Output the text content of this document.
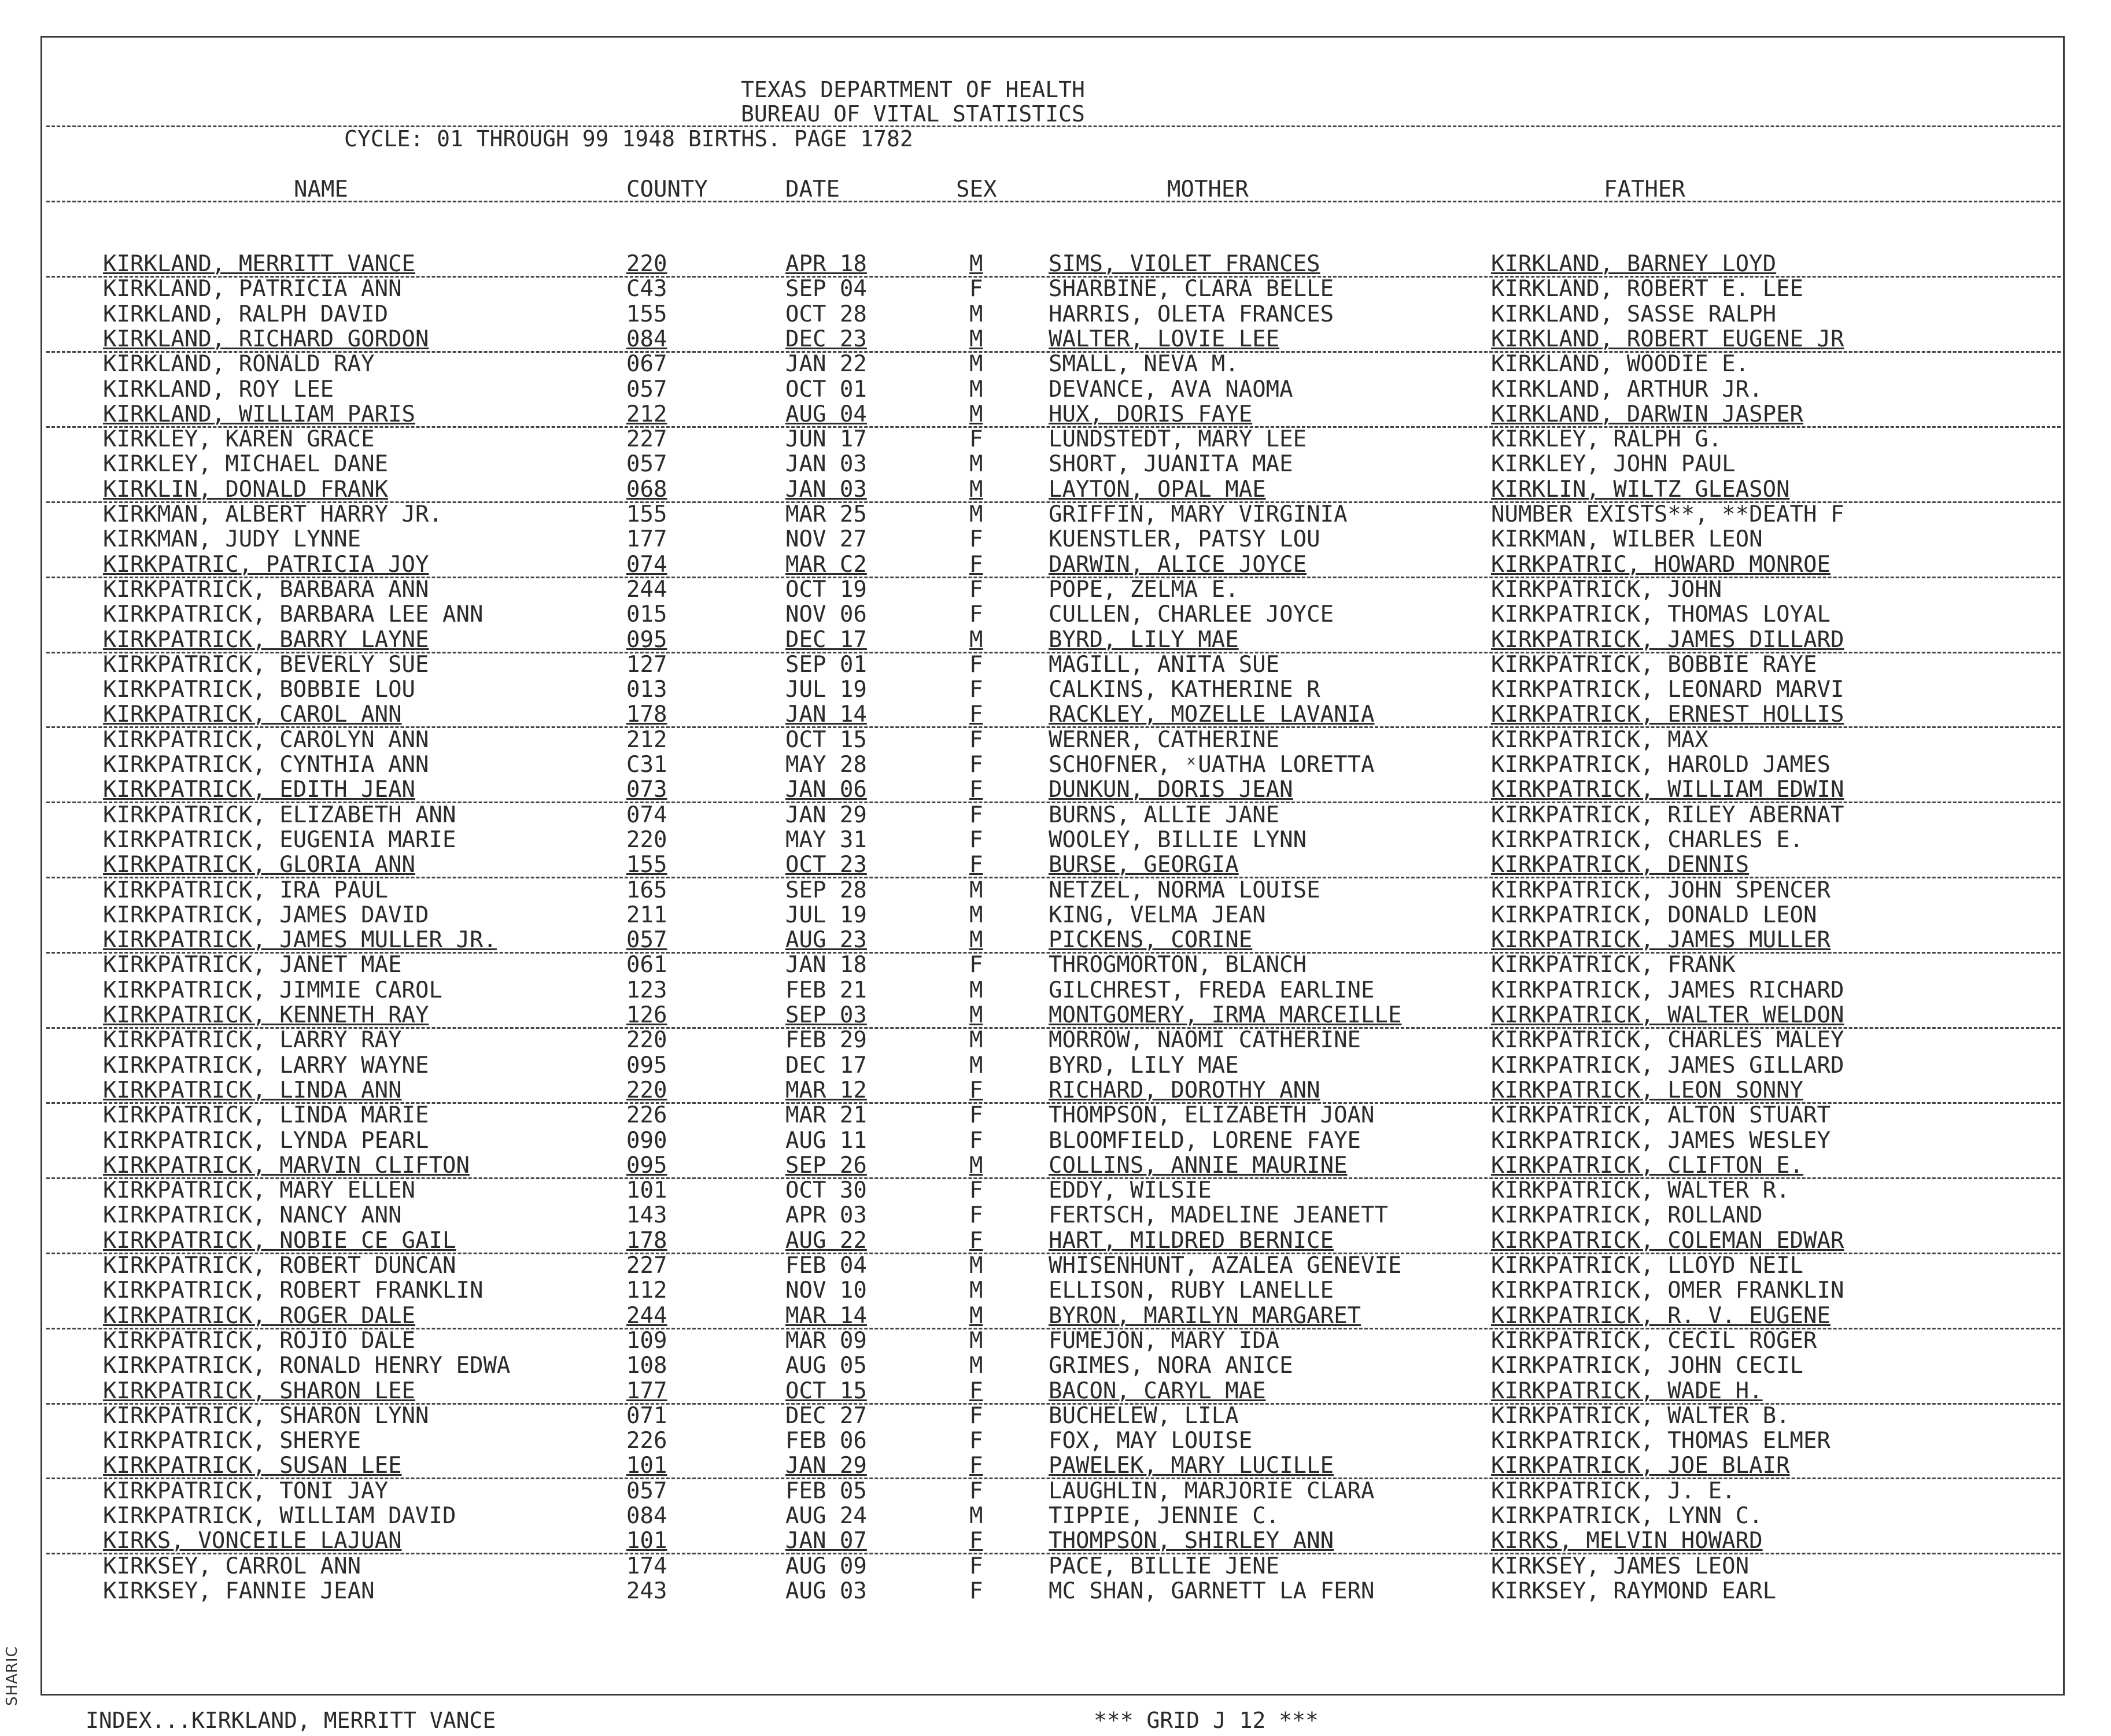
SHARIC
TEXAS DEPARTMENT OF HEALTH
BUREAU OF VITAL STATISTICS
CYCLE: 01 THROUGH 99 1948 BIRTHS. PAGE 1782
NAME	COUNTY	DATE	SEX	MOTHER	FATHER
KIRKLAND, MERRITT VANCE	220	APR 18	M	SIMS, VIOLET FRANCES	KIRKLAND, BARNEY LOYD
KIRKLAND, PATRICIA ANN	C43	SEP 04	F	SHARBINE, CLARA BELLE	KIRKLAND, ROBERT E. LEE
KIRKLAND, RALPH DAVID	155	OCT 28	M	HARRIS, OLETA FRANCES	KIRKLAND, SASSE RALPH
KIRKLAND, RICHARD GORDON	084	DEC 23	M	WALTER, LOVIE LEE	KIRKLAND, ROBERT EUGENE JR
KIRKLAND, RONALD RAY	067	JAN 22	M	SMALL, NEVA M.	KIRKLAND, WOODIE E.
KIRKLAND, ROY LEE	057	OCT 01	M	DEVANCE, AVA NAOMA	KIRKLAND, ARTHUR JR.
KIRKLAND, WILLIAM PARIS	212	AUG 04	M	HUX, DORIS FAYE	KIRKLAND, DARWIN JASPER
KIRKLEY, KAREN GRACE	227	JUN 17	F	LUNDSTEDT, MARY LEE	KIRKLEY, RALPH G.
KIRKLEY, MICHAEL DANE	057	JAN 03	M	SHORT, JUANITA MAE	KIRKLEY, JOHN PAUL
KIRKLIN, DONALD FRANK	068	JAN 03	M	LAYTON, OPAL MAE	KIRKLIN, WILTZ GLEASON
KIRKMAN, ALBERT HARRY JR.	155	MAR 25	M	GRIFFIN, MARY VIRGINIA	NUMBER EXISTS**, **DEATH F
KIRKMAN, JUDY LYNNE	177	NOV 27	F	KUENSTLER, PATSY LOU	KIRKMAN, WILBER LEON
KIRKPATRIC, PATRICIA JOY	074	MAR C2	F	DARWIN, ALICE JOYCE	KIRKPATRIC, HOWARD MONROE
KIRKPATRICK, BARBARA ANN	244	OCT 19	F	POPE, ZELMA E.	KIRKPATRICK, JOHN
KIRKPATRICK, BARBARA LEE ANN	015	NOV 06	F	CULLEN, CHARLEE JOYCE	KIRKPATRICK, THOMAS LOYAL
KIRKPATRICK, BARRY LAYNE	095	DEC 17	M	BYRD, LILY MAE	KIRKPATRICK, JAMES DILLARD
KIRKPATRICK, BEVERLY SUE	127	SEP 01	F	MAGILL, ANITA SUE	KIRKPATRICK, BOBBIE RAYE
KIRKPATRICK, BOBBIE LOU	013	JUL 19	F	CALKINS, KATHERINE R	KIRKPATRICK, LEONARD MARVI
KIRKPATRICK, CAROL ANN	178	JAN 14	F	RACKLEY, MOZELLE LAVANIA	KIRKPATRICK, ERNEST HOLLIS
KIRKPATRICK, CAROLYN ANN	212	OCT 15	F	WERNER, CATHERINE	KIRKPATRICK, MAX
KIRKPATRICK, CYNTHIA ANN	C31	MAY 28	F	SCHOFNER, ˣUATHA LORETTA	KIRKPATRICK, HAROLD JAMES
KIRKPATRICK, EDITH JEAN	073	JAN 06	F	DUNKUN, DORIS JEAN	KIRKPATRICK, WILLIAM EDWIN
KIRKPATRICK, ELIZABETH ANN	074	JAN 29	F	BURNS, ALLIE JANE	KIRKPATRICK, RILEY ABERNAT
KIRKPATRICK, EUGENIA MARIE	220	MAY 31	F	WOOLEY, BILLIE LYNN	KIRKPATRICK, CHARLES E.
KIRKPATRICK, GLORIA ANN	155	OCT 23	F	BURSE, GEORGIA	KIRKPATRICK, DENNIS
KIRKPATRICK, IRA PAUL	165	SEP 28	M	NETZEL, NORMA LOUISE	KIRKPATRICK, JOHN SPENCER
KIRKPATRICK, JAMES DAVID	211	JUL 19	M	KING, VELMA JEAN	KIRKPATRICK, DONALD LEON
KIRKPATRICK, JAMES MULLER JR.	057	AUG 23	M	PICKENS, CORINE	KIRKPATRICK, JAMES MULLER
KIRKPATRICK, JANET MAE	061	JAN 18	F	THROGMORTON, BLANCH	KIRKPATRICK, FRANK
KIRKPATRICK, JIMMIE CAROL	123	FEB 21	M	GILCHREST, FREDA EARLINE	KIRKPATRICK, JAMES RICHARD
KIRKPATRICK, KENNETH RAY	126	SEP 03	M	MONTGOMERY, IRMA MARCEILLE	KIRKPATRICK, WALTER WELDON
KIRKPATRICK, LARRY RAY	220	FEB 29	M	MORROW, NAOMI CATHERINE	KIRKPATRICK, CHARLES MALEY
KIRKPATRICK, LARRY WAYNE	095	DEC 17	M	BYRD, LILY MAE	KIRKPATRICK, JAMES GILLARD
KIRKPATRICK, LINDA ANN	220	MAR 12	F	RICHARD, DOROTHY ANN	KIRKPATRICK, LEON SONNY
KIRKPATRICK, LINDA MARIE	226	MAR 21	F	THOMPSON, ELIZABETH JOAN	KIRKPATRICK, ALTON STUART
KIRKPATRICK, LYNDA PEARL	090	AUG 11	F	BLOOMFIELD, LORENE FAYE	KIRKPATRICK, JAMES WESLEY
KIRKPATRICK, MARVIN CLIFTON	095	SEP 26	M	COLLINS, ANNIE MAURINE	KIRKPATRICK, CLIFTON E.
KIRKPATRICK, MARY ELLEN	101	OCT 30	F	EDDY, WILSIE	KIRKPATRICK, WALTER R.
KIRKPATRICK, NANCY ANN	143	APR 03	F	FERTSCH, MADELINE JEANETT	KIRKPATRICK, ROLLAND
KIRKPATRICK, NOBIE CE GAIL	178	AUG 22	F	HART, MILDRED BERNICE	KIRKPATRICK, COLEMAN EDWAR
KIRKPATRICK, ROBERT DUNCAN	227	FEB 04	M	WHISENHUNT, AZALEA GENEVIE	KIRKPATRICK, LLOYD NEIL
KIRKPATRICK, ROBERT FRANKLIN	112	NOV 10	M	ELLISON, RUBY LANELLE	KIRKPATRICK, OMER FRANKLIN
KIRKPATRICK, ROGER DALE	244	MAR 14	M	BYRON, MARILYN MARGARET	KIRKPATRICK, R. V. EUGENE
KIRKPATRICK, ROJIO DALE	109	MAR 09	M	FUMEJON, MARY IDA	KIRKPATRICK, CECIL ROGER
KIRKPATRICK, RONALD HENRY EDWA	108	AUG 05	M	GRIMES, NORA ANICE	KIRKPATRICK, JOHN CECIL
KIRKPATRICK, SHARON LEE	177	OCT 15	F	BACON, CARYL MAE	KIRKPATRICK, WADE H.
KIRKPATRICK, SHARON LYNN	071	DEC 27	F	BUCHELEW, LILA	KIRKPATRICK, WALTER B.
KIRKPATRICK, SHERYE	226	FEB 06	F	FOX, MAY LOUISE	KIRKPATRICK, THOMAS ELMER
KIRKPATRICK, SUSAN LEE	101	JAN 29	F	PAWELEK, MARY LUCILLE	KIRKPATRICK, JOE BLAIR
KIRKPATRICK, TONI JAY	057	FEB 05	F	LAUGHLIN, MARJORIE CLARA	KIRKPATRICK, J. E.
KIRKPATRICK, WILLIAM DAVID	084	AUG 24	M	TIPPIE, JENNIE C.	KIRKPATRICK, LYNN C.
KIRKS, VONCEILE LAJUAN	101	JAN 07	F	THOMPSON, SHIRLEY ANN	KIRKS, MELVIN HOWARD
KIRKSEY, CARROL ANN	174	AUG 09	F	PACE, BILLIE JENE	KIRKSEY, JAMES LEON
KIRKSEY, FANNIE JEAN	243	AUG 03	F	MC SHAN, GARNETT LA FERN	KIRKSEY, RAYMOND EARL
INDEX...KIRKLAND, MERRITT VANCE	*** GRID J 12 ***
